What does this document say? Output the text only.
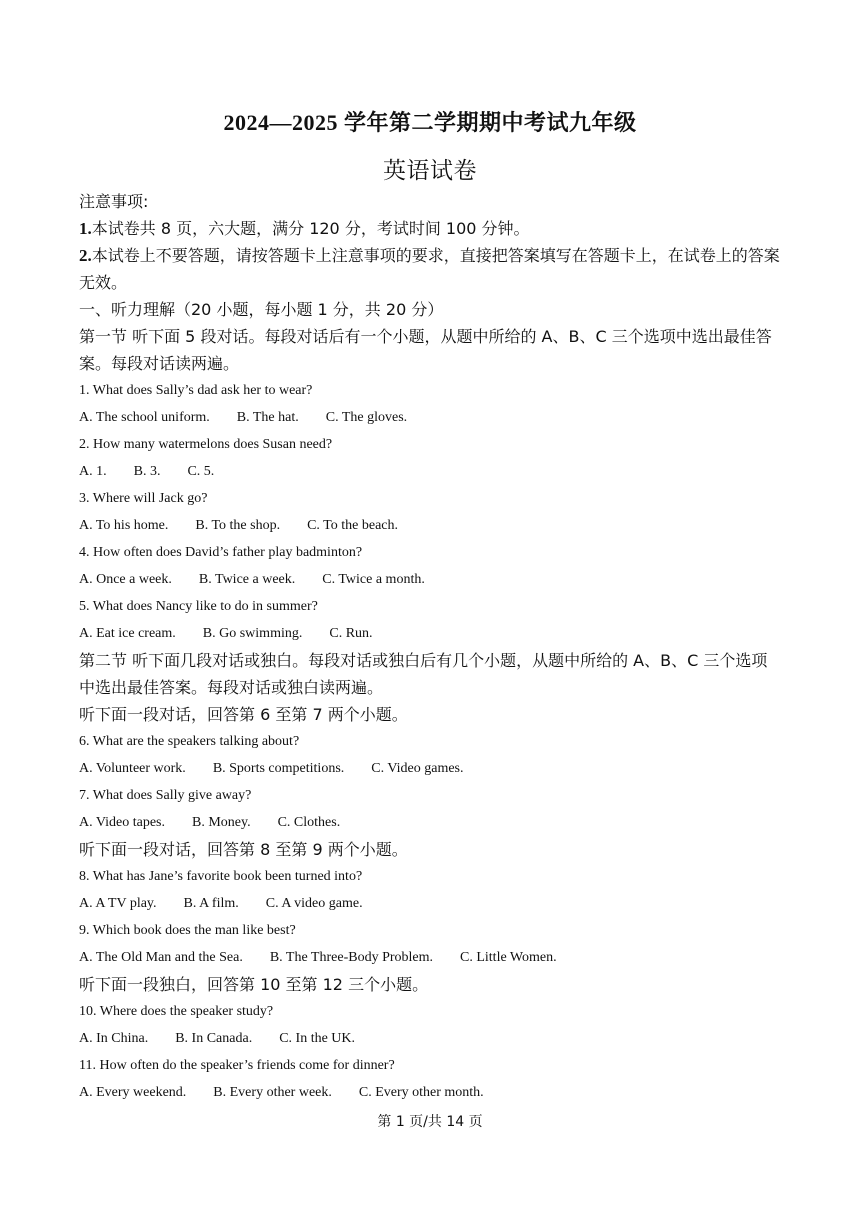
2024—2025 学年第二学期期中考试九年级
英语试卷

注意事项:

1.本试卷共 8 页，六大题，满分 120 分，考试时间 100 分钟。

2.本试卷上不要答题，请按答题卡上注意事项的要求，直接把答案填写在答题卡上，在试卷上的答案无效。

一、听力理解（20 小题，每小题 1 分，共 20 分）

第一节 听下面 5 段对话。每段对话后有一个小题，从题中所给的 A、B、C 三个选项中选出最佳答案。每段对话读两遍。

1. What does Sally’s dad ask her to wear?

A. The school uniform. B. The hat. C. The gloves.

2. How many watermelons does Susan need?

A. 1. B. 3. C. 5.

3. Where will Jack go?

A. To his home. B. To the shop. C. To the beach.

4. How often does David’s father play badminton?

A. Once a week. B. Twice a week. C. Twice a month.

5. What does Nancy like to do in summer?

A. Eat ice cream. B. Go swimming. C. Run.

第二节 听下面几段对话或独白。每段对话或独白后有几个小题，从题中所给的 A、B、C 三个选项中选出最佳答案。每段对话或独白读两遍。

听下面一段对话，回答第 6 至第 7 两个小题。

6. What are the speakers talking about?

A. Volunteer work. B. Sports competitions. C. Video games.

7. What does Sally give away?

A. Video tapes. B. Money. C. Clothes.

听下面一段对话，回答第 8 至第 9 两个小题。

8. What has Jane’s favorite book been turned into?

A. A TV play. B. A film. C. A video game.

9. Which book does the man like best?

A. The Old Man and the Sea. B. The Three-Body Problem. C. Little Women.

听下面一段独白，回答第 10 至第 12 三个小题。

10. Where does the speaker study?

A. In China. B. In Canada. C. In the UK.

11. How often do the speaker’s friends come for dinner?

A. Every weekend. B. Every other week. C. Every other month.

第 1 页/共 14 页
